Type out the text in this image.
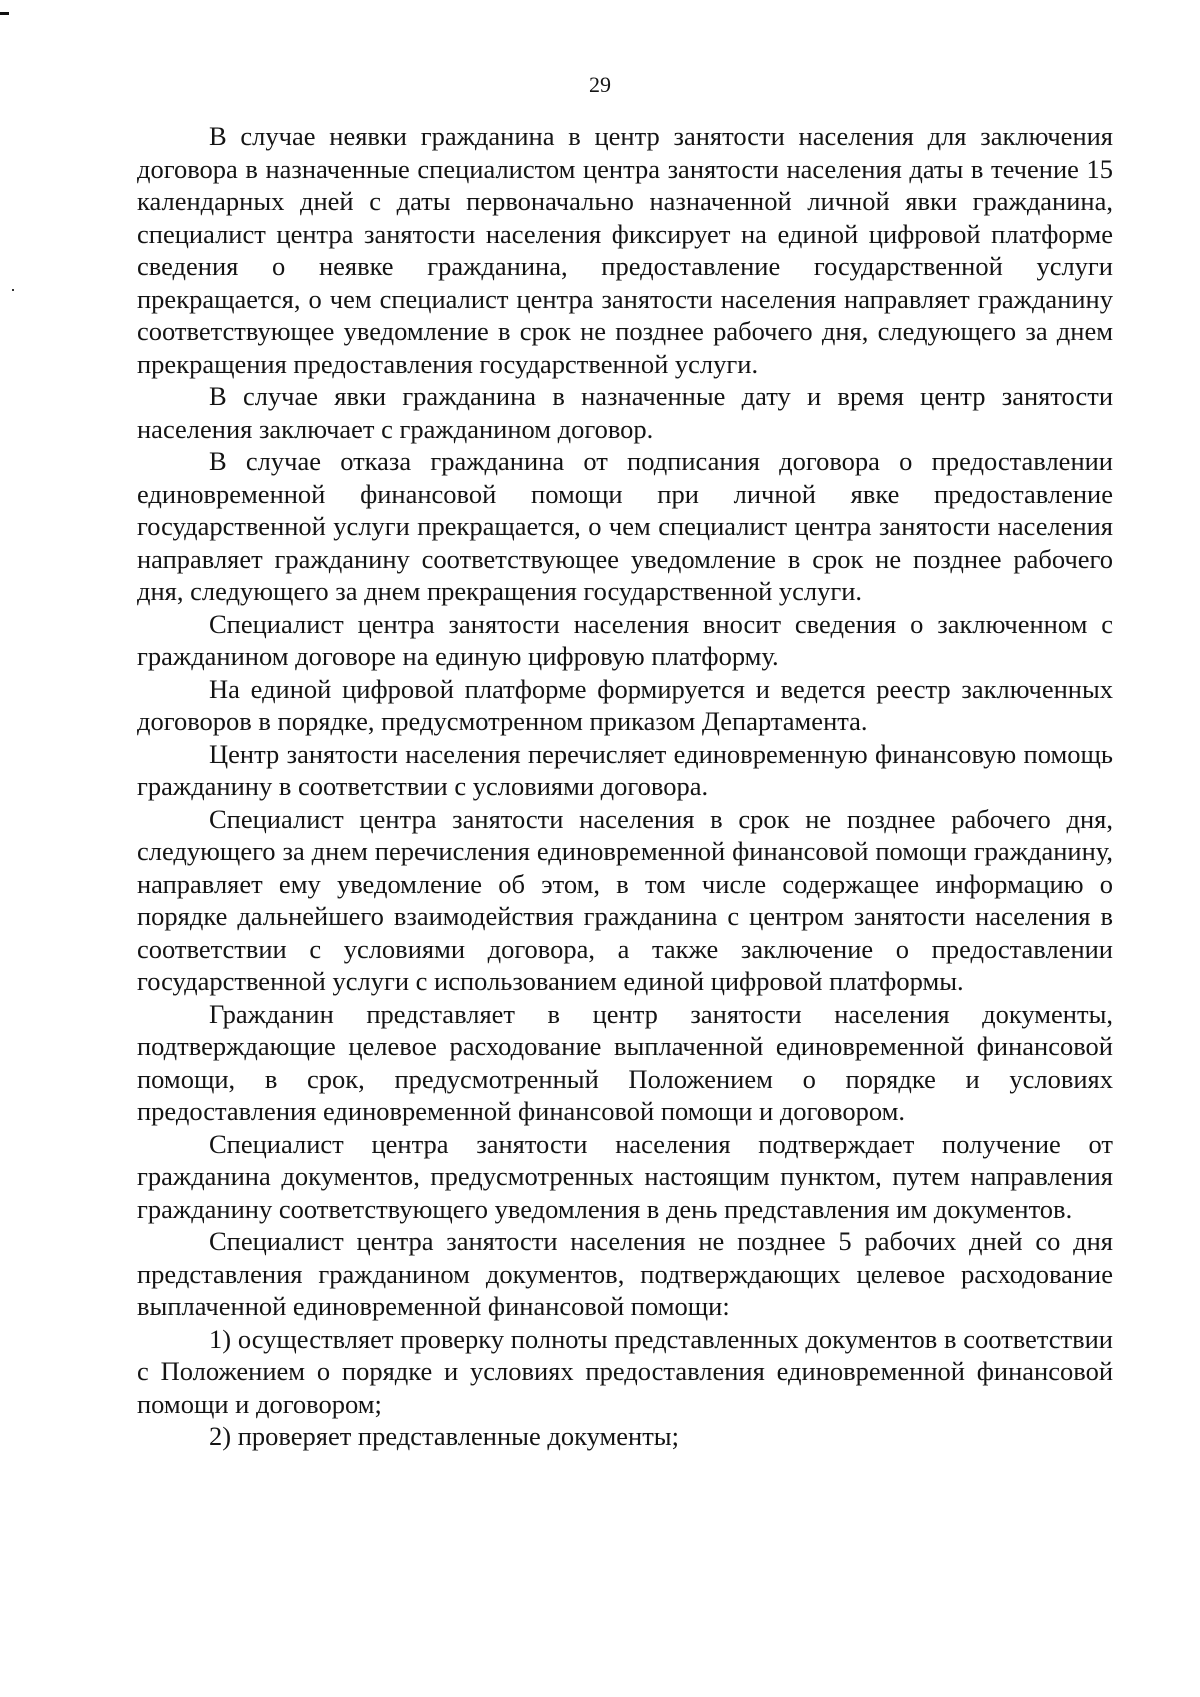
29

В случае неявки гражданина в центр занятости населения для заключения договора в назначенные специалистом центра занятости населения даты в течение 15 календарных дней с даты первоначально назначенной личной явки гражданина, специалист центра занятости населения фиксирует на единой цифровой платформе сведения о неявке гражданина, предоставление государственной услуги прекращается, о чем специалист центра занятости населения направляет гражданину соответствующее уведомление в срок не позднее рабочего дня, следующего за днем прекращения предоставления государственной услуги.

В случае явки гражданина в назначенные дату и время центр занятости населения заключает с гражданином договор.

В случае отказа гражданина от подписания договора о предоставлении единовременной финансовой помощи при личной явке предоставление государственной услуги прекращается, о чем специалист центра занятости населения направляет гражданину соответствующее уведомление в срок не позднее рабочего дня, следующего за днем прекращения государственной услуги.

Специалист центра занятости населения вносит сведения о заключенном с гражданином договоре на единую цифровую платформу.

На единой цифровой платформе формируется и ведется реестр заключенных договоров в порядке, предусмотренном приказом Департамента.

Центр занятости населения перечисляет единовременную финансовую помощь гражданину в соответствии с условиями договора.

Специалист центра занятости населения в срок не позднее рабочего дня, следующего за днем перечисления единовременной финансовой помощи гражданину, направляет ему уведомление об этом, в том числе содержащее информацию о порядке дальнейшего взаимодействия гражданина с центром занятости населения в соответствии с условиями договора, а также заключение о предоставлении государственной услуги с использованием единой цифровой платформы.

Гражданин представляет в центр занятости населения документы, подтверждающие целевое расходование выплаченной единовременной финансовой помощи, в срок, предусмотренный Положением о порядке и условиях предоставления единовременной финансовой помощи и договором.

Специалист центра занятости населения подтверждает получение от гражданина документов, предусмотренных настоящим пунктом, путем направления гражданину соответствующего уведомления в день представления им документов.

Специалист центра занятости населения не позднее 5 рабочих дней со дня представления гражданином документов, подтверждающих целевое расходование выплаченной единовременной финансовой помощи:

1) осуществляет проверку полноты представленных документов в соответствии с Положением о порядке и условиях предоставления единовременной финансовой помощи и договором;

2) проверяет представленные документы;
